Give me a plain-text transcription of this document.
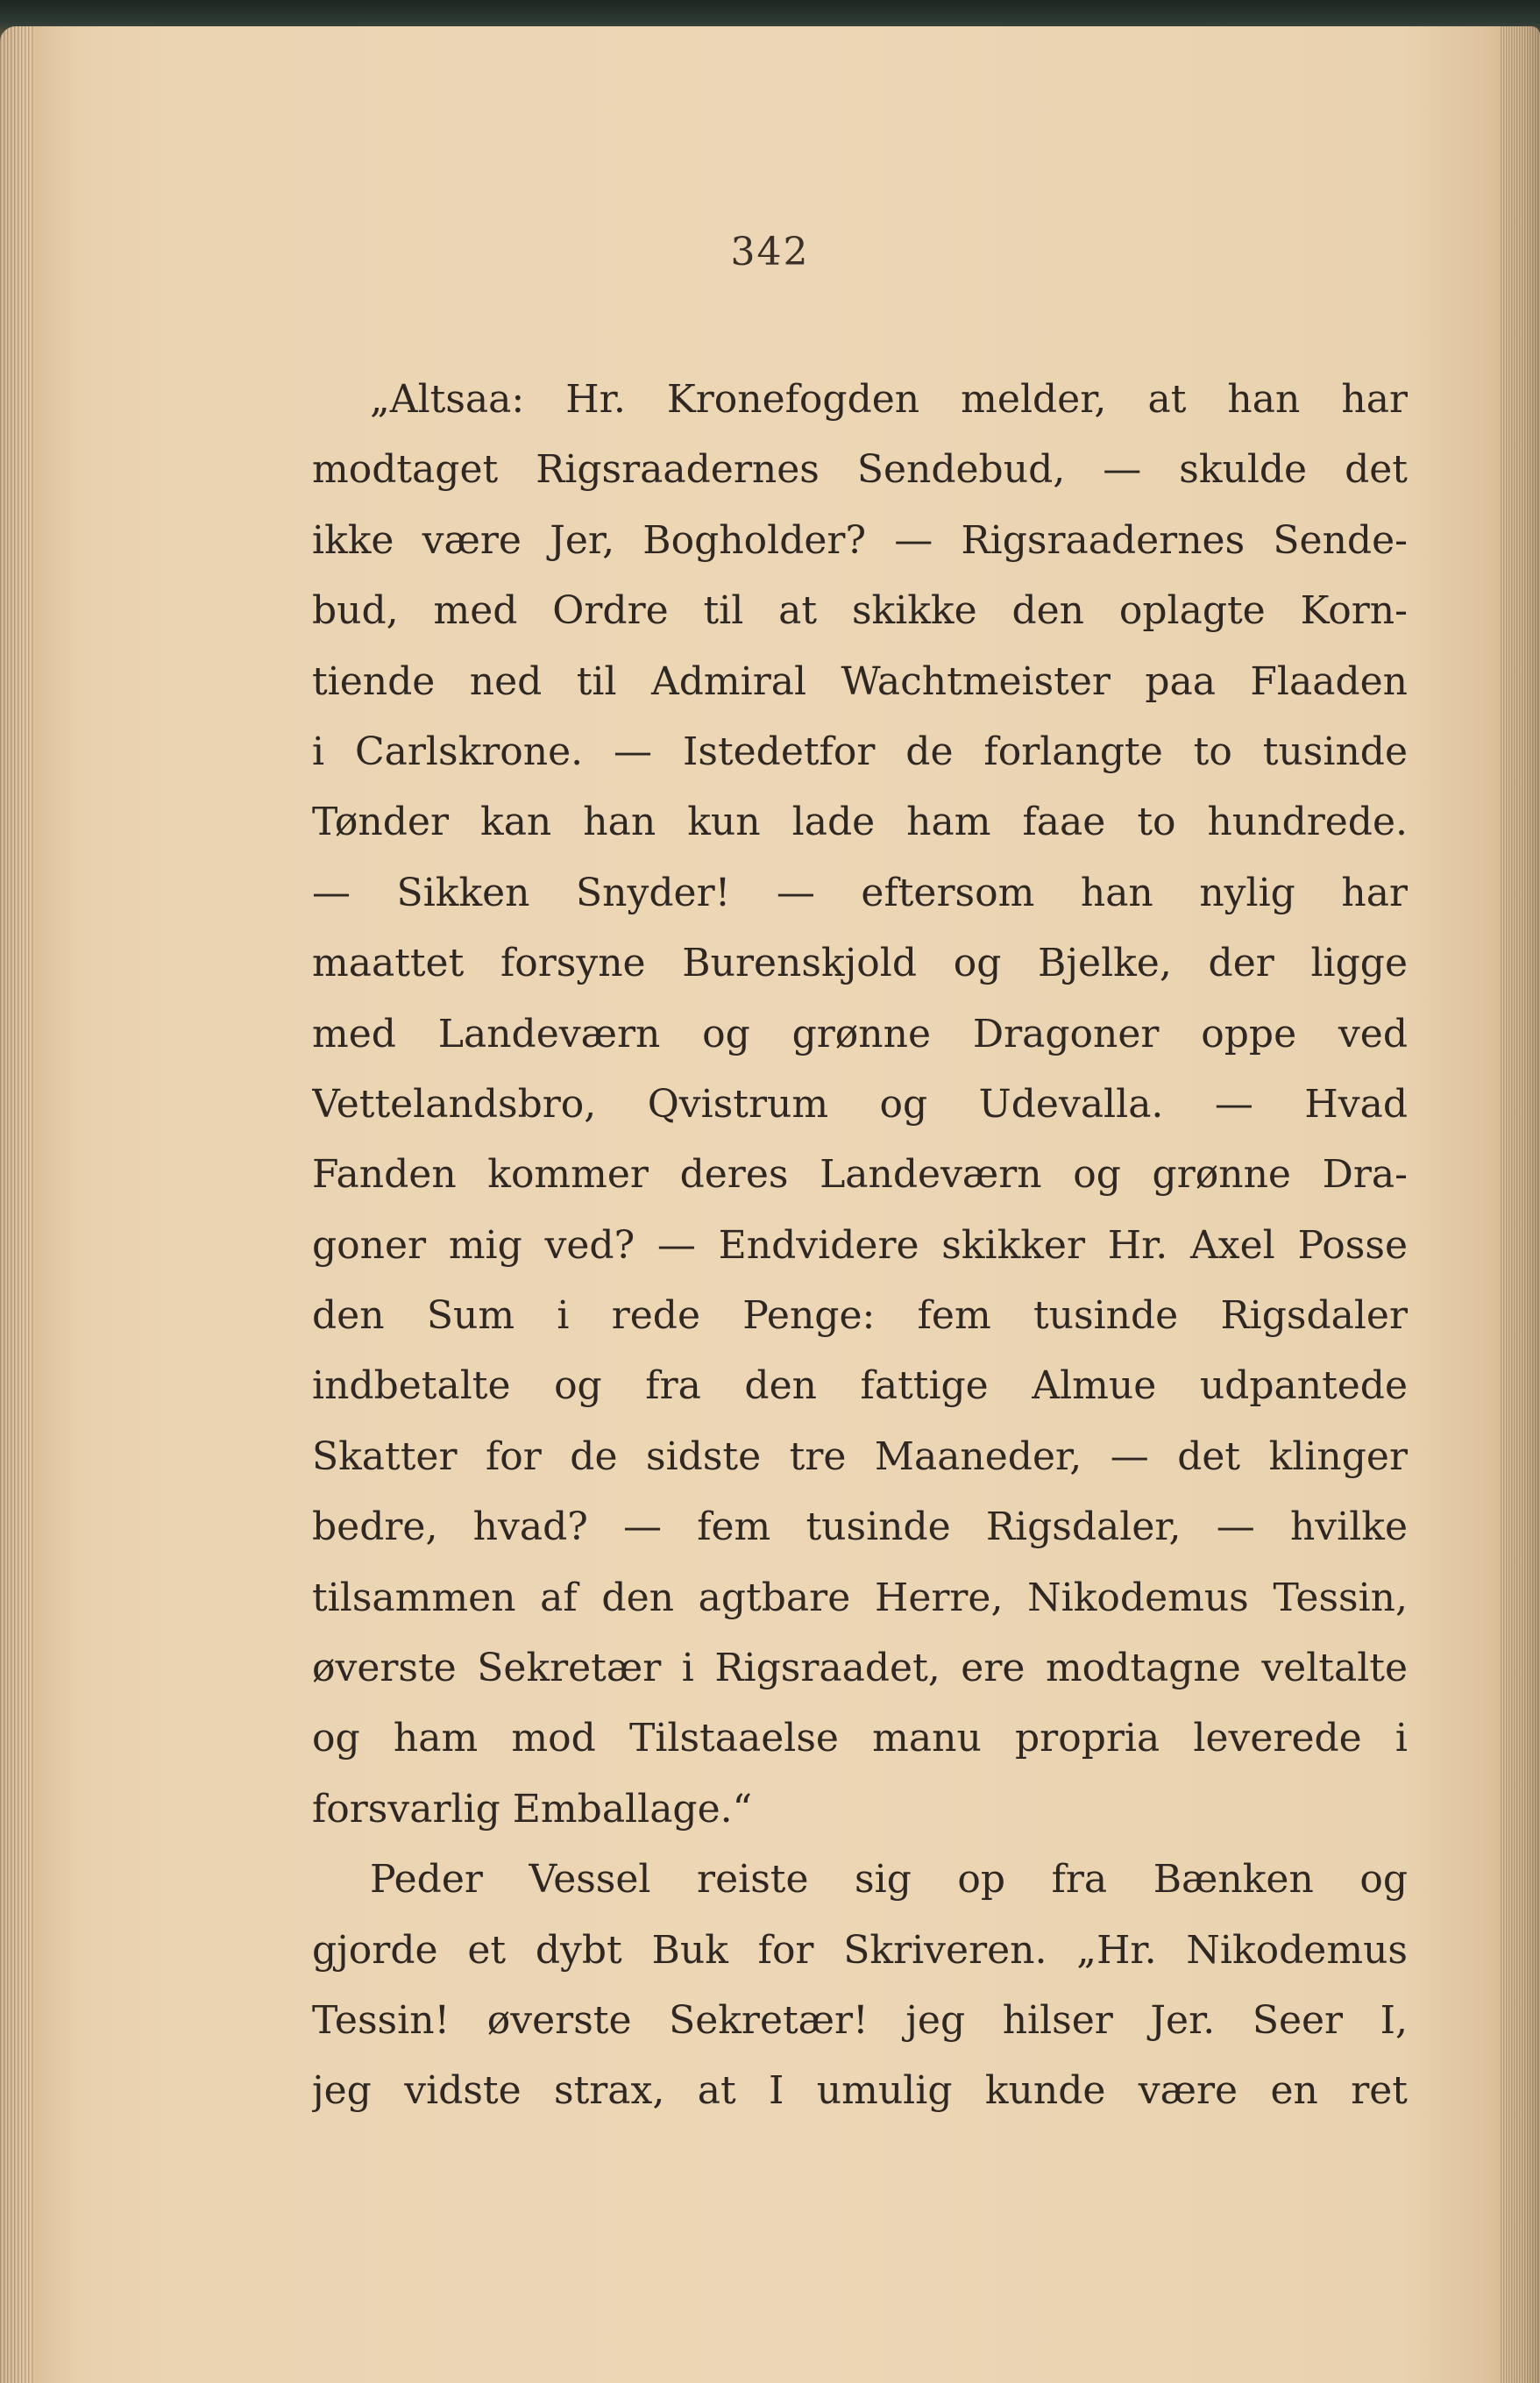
342
„Altsaa: Hr. Kronefogden melder, at han har
modtaget Rigsraadernes Sendebud, — skulde det
ikke være Jer, Bogholder? — Rigsraadernes Sende-
bud, med Ordre til at skikke den oplagte Korn-
tiende ned til Admiral Wachtmeister paa Flaaden
i Carlskrone. — Istedetfor de forlangte to tusinde
Tønder kan han kun lade ham faae to hundrede.
— Sikken Snyder! — eftersom han nylig har
maattet forsyne Burenskjold og Bjelke, der ligge
med Landeværn og grønne Dragoner oppe ved
Vettelandsbro, Qvistrum og Udevalla. — Hvad
Fanden kommer deres Landeværn og grønne Dra-
goner mig ved? — Endvidere skikker Hr. Axel Posse
den Sum i rede Penge: fem tusinde Rigsdaler
indbetalte og fra den fattige Almue udpantede
Skatter for de sidste tre Maaneder, — det klinger
bedre, hvad? — fem tusinde Rigsdaler, — hvilke
tilsammen af den agtbare Herre, Nikodemus Tessin,
øverste Sekretær i Rigsraadet, ere modtagne veltalte
og ham mod Tilstaaelse manu propria leverede i
forsvarlig Emballage.“
Peder Vessel reiste sig op fra Bænken og
gjorde et dybt Buk for Skriveren. „Hr. Nikodemus
Tessin! øverste Sekretær! jeg hilser Jer. Seer I,
jeg vidste strax, at I umulig kunde være en ret
